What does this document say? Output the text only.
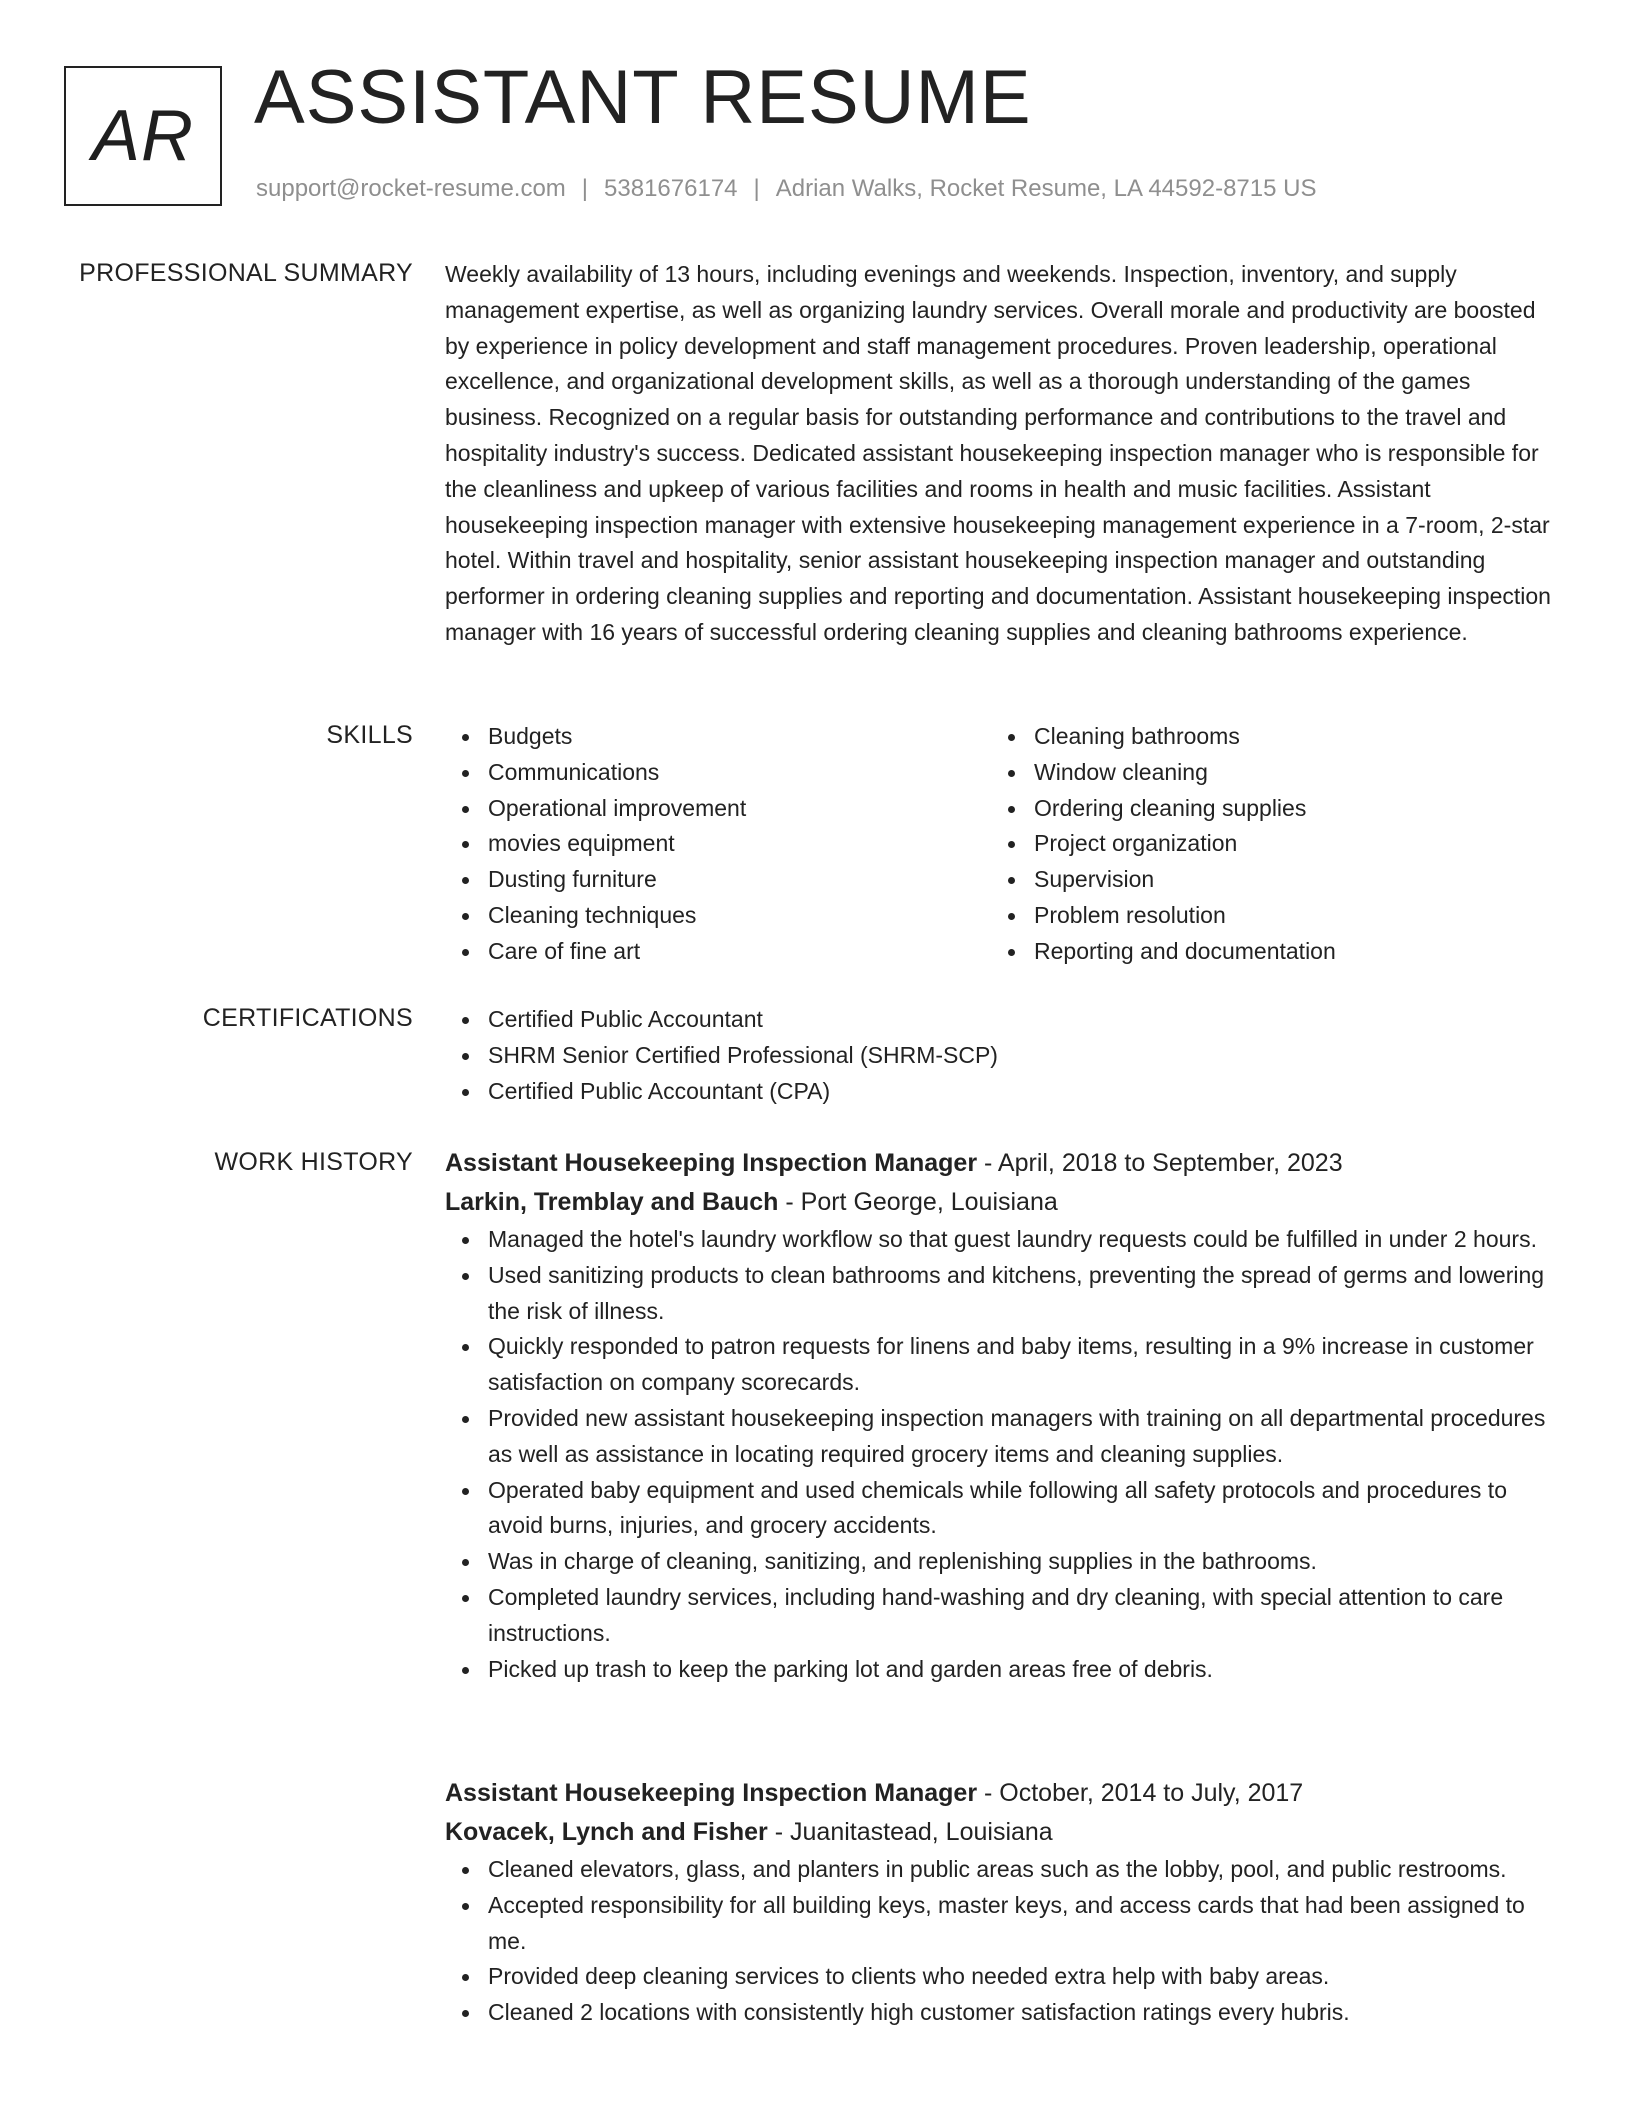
AR ASSISTANT RESUME
support@rocket-resume.com | 5381676174 | Adrian Walks, Rocket Resume, LA 44592-8715 US
PROFESSIONAL SUMMARY Weekly availability of 13 hours, including evenings and weekends. Inspection, inventory, and supply management expertise, as well as organizing laundry services. Overall morale and productivity are boosted by experience in policy development and staff management procedures. Proven leadership, operational excellence, and organizational development skills, as well as a thorough understanding of the games business. Recognized on a regular basis for outstanding performance and contributions to the travel and hospitality industry's success. Dedicated assistant housekeeping inspection manager who is responsible for the cleanliness and upkeep of various facilities and rooms in health and music facilities. Assistant housekeeping inspection manager with extensive housekeeping management experience in a 7-room, 2-star hotel. Within travel and hospitality, senior assistant housekeeping inspection manager and outstanding performer in ordering cleaning supplies and reporting and documentation. Assistant housekeeping inspection manager with 16 years of successful ordering cleaning supplies and cleaning bathrooms experience.

SKILLS	Budgets
Communications
Operational improvement
movies equipment
Dusting furniture
Cleaning techniques
Care of fine art
Cleaning bathrooms
Window cleaning
Ordering cleaning supplies
Project organization
Supervision
Problem resolution
Reporting and documentation
CERTIFICATIONS	Certified Public Accountant
SHRM Senior Certified Professional (SHRM-SCP)
Certified Public Accountant (CPA)
WORK HISTORY Assistant Housekeeping Inspection Manager - April, 2018 to September, 2023
Larkin, Tremblay and Bauch - Port George, Louisiana
Managed the hotel's laundry workflow so that guest laundry requests could be fulfilled in under 2 hours.
Used sanitizing products to clean bathrooms and kitchens, preventing the spread of germs and lowering the risk of illness.
Quickly responded to patron requests for linens and baby items, resulting in a 9% increase in customer satisfaction on company scorecards.
Provided new assistant housekeeping inspection managers with training on all departmental procedures as well as assistance in locating required grocery items and cleaning supplies.
Operated baby equipment and used chemicals while following all safety protocols and procedures to avoid burns, injuries, and grocery accidents.
Was in charge of cleaning, sanitizing, and replenishing supplies in the bathrooms.
Completed laundry services, including hand-washing and dry cleaning, with special attention to care instructions.
Picked up trash to keep the parking lot and garden areas free of debris.
Assistant Housekeeping Inspection Manager - October, 2014 to July, 2017
Kovacek, Lynch and Fisher - Juanitastead, Louisiana
Cleaned elevators, glass, and planters in public areas such as the lobby, pool, and public restrooms.
Accepted responsibility for all building keys, master keys, and access cards that had been assigned to me.
Provided deep cleaning services to clients who needed extra help with baby areas.
Cleaned 2 locations with consistently high customer satisfaction ratings every hubris.
